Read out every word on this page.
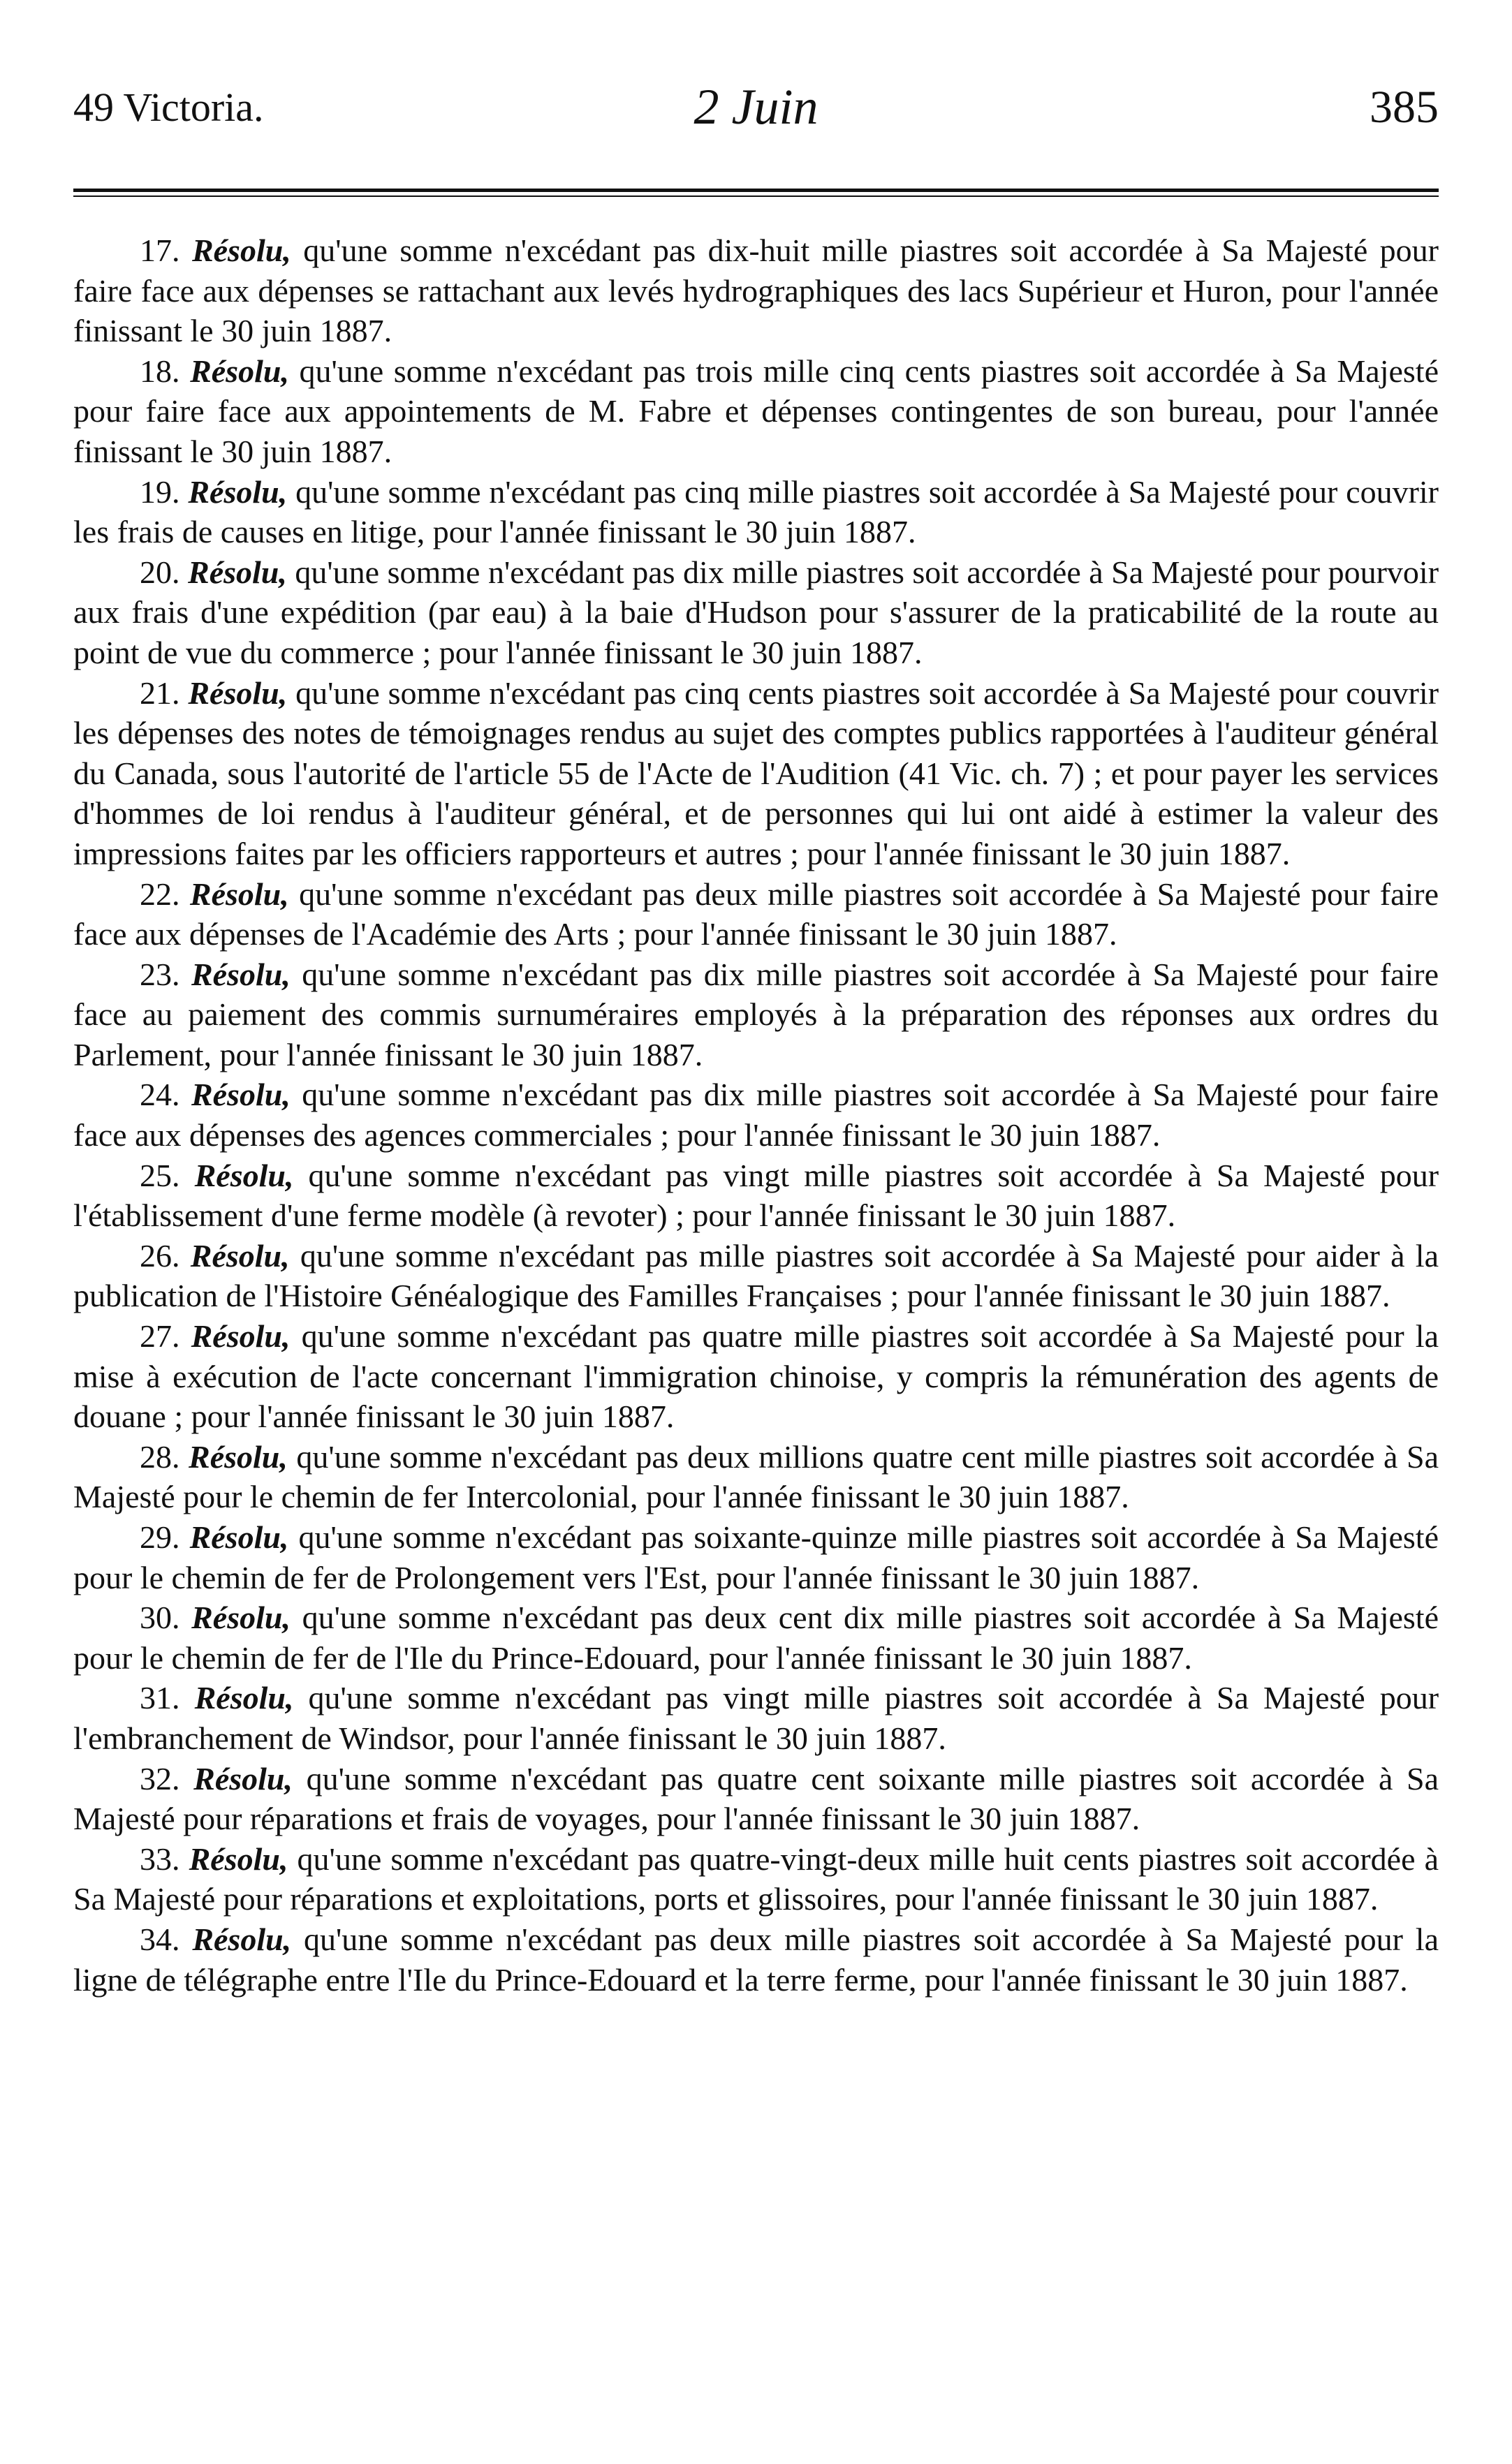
49 Victoria.	2 Juin	385

17. Résolu, qu'une somme n'excédant pas dix-huit mille piastres soit accordée à Sa Majesté pour faire face aux dépenses se rattachant aux levés hydrographiques des lacs Supérieur et Huron, pour l'année finissant le 30 juin 1887.

18. Résolu, qu'une somme n'excédant pas trois mille cinq cents piastres soit accordée à Sa Majesté pour faire face aux appointements de M. Fabre et dépenses contingentes de son bureau, pour l'année finissant le 30 juin 1887.

19. Résolu, qu'une somme n'excédant pas cinq mille piastres soit accordée à Sa Majesté pour couvrir les frais de causes en litige, pour l'année finissant le 30 juin 1887.

20. Résolu, qu'une somme n'excédant pas dix mille piastres soit accordée à Sa Majesté pour pourvoir aux frais d'une expédition (par eau) à la baie d'Hudson pour s'assurer de la praticabilité de la route au point de vue du commerce ; pour l'année finissant le 30 juin 1887.

21. Résolu, qu'une somme n'excédant pas cinq cents piastres soit accordée à Sa Majesté pour couvrir les dépenses des notes de témoignages rendus au sujet des comptes publics rapportées à l'auditeur général du Canada, sous l'autorité de l'article 55 de l'Acte de l'Audition (41 Vic. ch. 7) ; et pour payer les services d'hommes de loi rendus à l'auditeur général, et de personnes qui lui ont aidé à estimer la valeur des impressions faites par les officiers rapporteurs et autres ; pour l'année finissant le 30 juin 1887.

22. Résolu, qu'une somme n'excédant pas deux mille piastres soit accordée à Sa Majesté pour faire face aux dépenses de l'Académie des Arts ; pour l'année finissant le 30 juin 1887.

23. Résolu, qu'une somme n'excédant pas dix mille piastres soit accordée à Sa Majesté pour faire face au paiement des commis surnuméraires employés à la préparation des réponses aux ordres du Parlement, pour l'année finissant le 30 juin 1887.

24. Résolu, qu'une somme n'excédant pas dix mille piastres soit accordée à Sa Majesté pour faire face aux dépenses des agences commerciales ; pour l'année finissant le 30 juin 1887.

25. Résolu, qu'une somme n'excédant pas vingt mille piastres soit accordée à Sa Majesté pour l'établissement d'une ferme modèle (à revoter) ; pour l'année finissant le 30 juin 1887.

26. Résolu, qu'une somme n'excédant pas mille piastres soit accordée à Sa Majesté pour aider à la publication de l'Histoire Généalogique des Familles Françaises ; pour l'année finissant le 30 juin 1887.

27. Résolu, qu'une somme n'excédant pas quatre mille piastres soit accordée à Sa Majesté pour la mise à exécution de l'acte concernant l'immigration chinoise, y compris la rémunération des agents de douane ; pour l'année finissant le 30 juin 1887.

28. Résolu, qu'une somme n'excédant pas deux millions quatre cent mille piastres soit accordée à Sa Majesté pour le chemin de fer Intercolonial, pour l'année finissant le 30 juin 1887.

29. Résolu, qu'une somme n'excédant pas soixante-quinze mille piastres soit accordée à Sa Majesté pour le chemin de fer de Prolongement vers l'Est, pour l'année finissant le 30 juin 1887.

30. Résolu, qu'une somme n'excédant pas deux cent dix mille piastres soit accordée à Sa Majesté pour le chemin de fer de l'Ile du Prince-Edouard, pour l'année finissant le 30 juin 1887.

31. Résolu, qu'une somme n'excédant pas vingt mille piastres soit accordée à Sa Majesté pour l'embranchement de Windsor, pour l'année finissant le 30 juin 1887.

32. Résolu, qu'une somme n'excédant pas quatre cent soixante mille piastres soit accordée à Sa Majesté pour réparations et frais de voyages, pour l'année finissant le 30 juin 1887.

33. Résolu, qu'une somme n'excédant pas quatre-vingt-deux mille huit cents piastres soit accordée à Sa Majesté pour réparations et exploitations, ports et glissoires, pour l'année finissant le 30 juin 1887.

34. Résolu, qu'une somme n'excédant pas deux mille piastres soit accordée à Sa Majesté pour la ligne de télégraphe entre l'Ile du Prince-Edouard et la terre ferme, pour l'année finissant le 30 juin 1887.
